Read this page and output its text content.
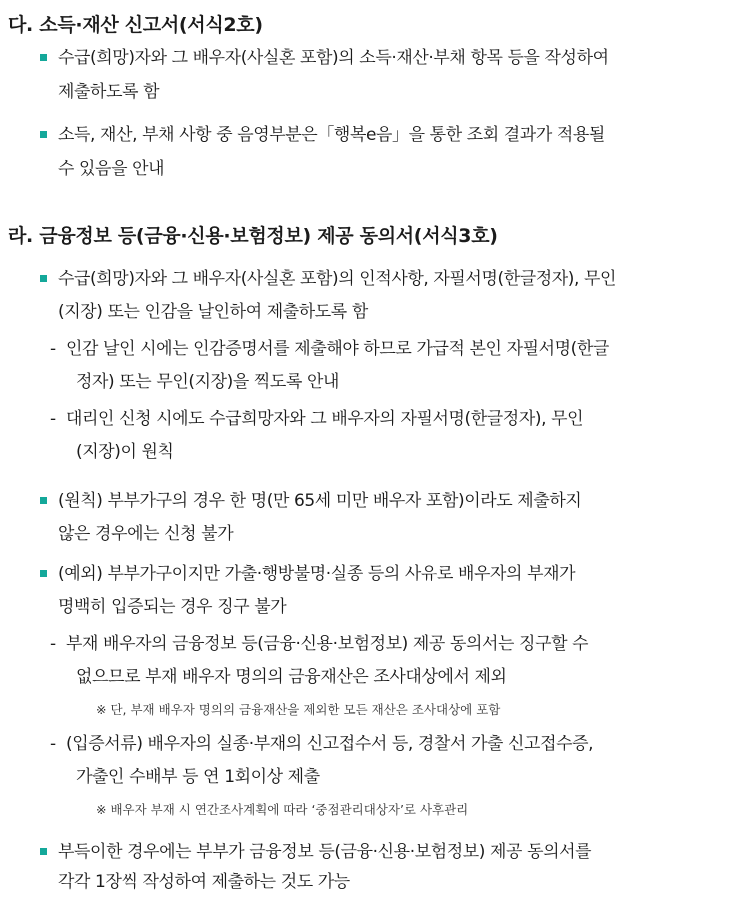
다. 소득·재산 신고서(서식2호)
수급(희망)자와 그 배우자(사실혼 포함)의 소득·재산·부채 항목 등을 작성하여
제출하도록 함
소득, 재산, 부채 사항 중 음영부분은「행복e음」을 통한 조회 결과가 적용될
수 있음을 안내
라. 금융정보 등(금융·신용·보험정보) 제공 동의서(서식3호)
수급(희망)자와 그 배우자(사실혼 포함)의 인적사항, 자필서명(한글정자), 무인
(지장) 또는 인감을 날인하여 제출하도록 함
- 인감 날인 시에는 인감증명서를 제출해야 하므로 가급적 본인 자필서명(한글
정자) 또는 무인(지장)을 찍도록 안내
- 대리인 신청 시에도 수급희망자와 그 배우자의 자필서명(한글정자), 무인
(지장)이 원칙
(원칙) 부부가구의 경우 한 명(만 65세 미만 배우자 포함)이라도 제출하지
않은 경우에는 신청 불가
(예외) 부부가구이지만 가출·행방불명·실종 등의 사유로 배우자의 부재가
명백히 입증되는 경우 징구 불가
- 부재 배우자의 금융정보 등(금융·신용·보험정보) 제공 동의서는 징구할 수
없으므로 부재 배우자 명의의 금융재산은 조사대상에서 제외
※ 단, 부재 배우자 명의의 금융재산을 제외한 모든 재산은 조사대상에 포함
- (입증서류) 배우자의 실종·부재의 신고접수서 등, 경찰서 가출 신고접수증,
가출인 수배부 등 연 1회이상 제출
※ 배우자 부재 시 연간조사계획에 따라 ‘중점관리대상자’로 사후관리
부득이한 경우에는 부부가 금융정보 등(금융·신용·보험정보) 제공 동의서를
각각 1장씩 작성하여 제출하는 것도 가능
